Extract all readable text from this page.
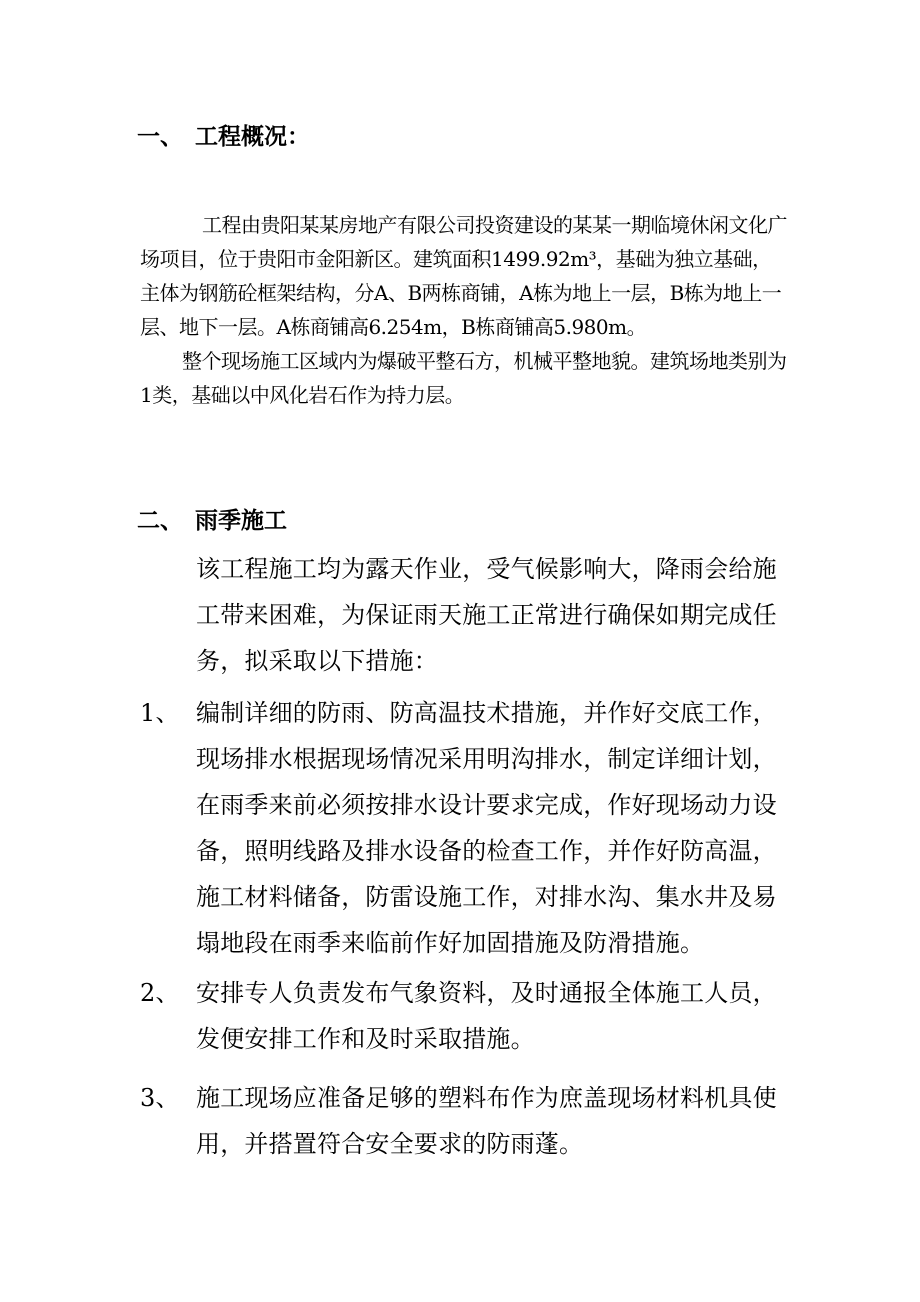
一、 工程概况：

工程由贵阳某某房地产有限公司投资建设的某某一期临境休闲文化广场项目，位于贵阳市金阳新区。建筑面积1499.92m³，基础为独立基础，主体为钢筋砼框架结构，分A、B两栋商铺，A栋为地上一层，B栋为地上一层、地下一层。A栋商铺高6.254m，B栋商铺高5.980m。

整个现场施工区域内为爆破平整石方，机械平整地貌。建筑场地类别为1类，基础以中风化岩石作为持力层。

二、 雨季施工
该工程施工均为露天作业，受气候影响大，降雨会给施工带来困难，为保证雨天施工正常进行确保如期完成任务，拟采取以下措施：
1、 编制详细的防雨、防高温技术措施，并作好交底工作，现场排水根据现场情况采用明沟排水，制定详细计划，在雨季来前必须按排水设计要求完成，作好现场动力设备，照明线路及排水设备的检查工作，并作好防高温，施工材料储备，防雷设施工作，对排水沟、集水井及易塌地段在雨季来临前作好加固措施及防滑措施。
2、 安排专人负责发布气象资料，及时通报全体施工人员，发便安排工作和及时采取措施。
3、 施工现场应准备足够的塑料布作为庶盖现场材料机具使用，并搭置符合安全要求的防雨蓬。
